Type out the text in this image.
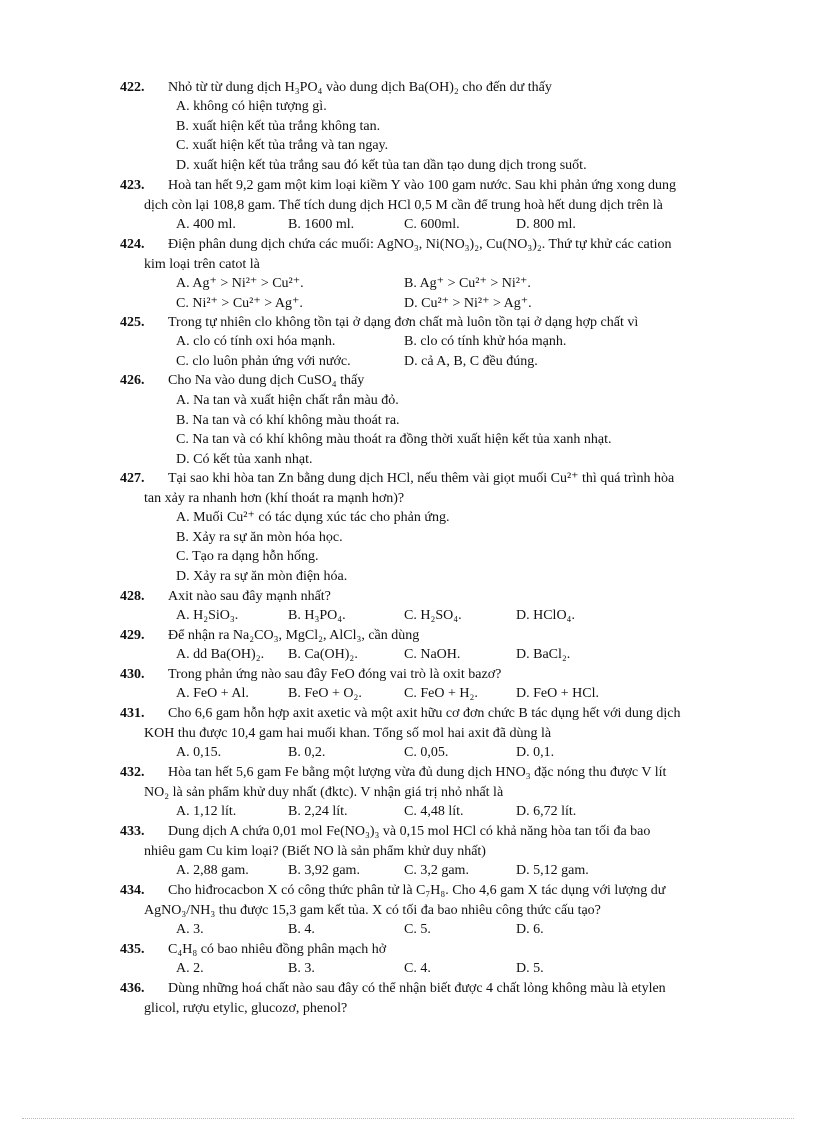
422. Nhỏ từ từ dung dịch H₃PO₄ vào dung dịch Ba(OH)₂ cho đến dư thấy
A. không có hiện tượng gì.
B. xuất hiện kết tủa trắng không tan.
C. xuất hiện kết tủa trắng và tan ngay.
D. xuất hiện kết tủa trắng sau đó kết tủa tan dần tạo dung dịch trong suốt.
423. Hoà tan hết 9,2 gam một kim loại kiềm Y vào 100 gam nước. Sau khi phản ứng xong dung
dịch còn lại 108,8 gam. Thể tích dung dịch HCl 0,5 M cần để trung hoà hết dung dịch trên là
A. 400 ml.	B. 1600 ml.	C. 600ml.	D. 800 ml.
424. Điện phân dung dịch chứa các muối: AgNO₃, Ni(NO₃)₂, Cu(NO₃)₂. Thứ tự khử các cation
kim loại trên catot là
A. Ag⁺ > Ni²⁺ > Cu²⁺.	B. Ag⁺ > Cu²⁺ > Ni²⁺.
C. Ni²⁺ > Cu²⁺ > Ag⁺.	D. Cu²⁺ > Ni²⁺ > Ag⁺.
425. Trong tự nhiên clo không tồn tại ở dạng đơn chất mà luôn tồn tại ở dạng hợp chất vì
A. clo có tính oxi hóa mạnh.	B. clo có tính khử hóa mạnh.
C. clo luôn phản ứng với nước.	D. cả A, B, C đều đúng.
426. Cho Na vào dung dịch CuSO₄ thấy
A. Na tan và xuất hiện chất rắn màu đỏ.
B. Na tan và có khí không màu thoát ra.
C. Na tan và có khí không màu thoát ra đồng thời xuất hiện kết tủa xanh nhạt.
D. Có kết tủa xanh nhạt.
427. Tại sao khi hòa tan Zn bằng dung dịch HCl, nếu thêm vài giọt muối Cu²⁺ thì quá trình hòa
tan xảy ra nhanh hơn (khí thoát ra mạnh hơn)?
A. Muối Cu²⁺ có tác dụng xúc tác cho phản ứng.
B. Xảy ra sự ăn mòn hóa học.
C. Tạo ra dạng hỗn hống.
D. Xảy ra sự ăn mòn điện hóa.
428. Axit nào sau đây mạnh nhất?
A. H₂SiO₃.	B. H₃PO₄.	C. H₂SO₄.	D. HClO₄.
429. Để nhận ra Na₂CO₃, MgCl₂, AlCl₃, cần dùng
A. dd Ba(OH)₂.	B. Ca(OH)₂.	C. NaOH.	D. BaCl₂.
430. Trong phản ứng nào sau đây FeO đóng vai trò là oxit bazơ?
A. FeO + Al.	B. FeO + O₂.	C. FeO + H₂.	D. FeO + HCl.
431. Cho 6,6 gam hỗn hợp axit axetic và một axit hữu cơ đơn chức B tác dụng hết với dung dịch
KOH thu được 10,4 gam hai muối khan. Tổng số mol hai axit đã dùng là
A. 0,15.	B. 0,2.	C. 0,05.	D. 0,1.
432. Hòa tan hết 5,6 gam Fe bằng một lượng vừa đủ dung dịch HNO₃ đặc nóng thu được V lít
NO₂ là sản phẩm khử duy nhất (đktc). V nhận giá trị nhỏ nhất là
A. 1,12 lít.	B. 2,24 lít.	C. 4,48 lít.	D. 6,72 lít.
433. Dung dịch A chứa 0,01 mol Fe(NO₃)₃ và 0,15 mol HCl có khả năng hòa tan tối đa bao
nhiêu gam Cu kim loại? (Biết NO là sản phẩm khử duy nhất)
A. 2,88 gam.	B. 3,92 gam.	C. 3,2 gam.	D. 5,12 gam.
434. Cho hiđrocacbon X có công thức phân tử là C₇H₈. Cho 4,6 gam X tác dụng với lượng dư
AgNO₃/NH₃ thu được 15,3 gam kết tủa. X có tối đa bao nhiêu công thức cấu tạo?
A. 3.	B. 4.	C. 5.	D. 6.
435. C₄H₈ có bao nhiêu đồng phân mạch hở
A. 2.	B. 3.	C. 4.	D. 5.
436. Dùng những hoá chất nào sau đây có thể nhận biết được 4 chất lỏng không màu là etylen
glicol, rượu etylic, glucozơ, phenol?
